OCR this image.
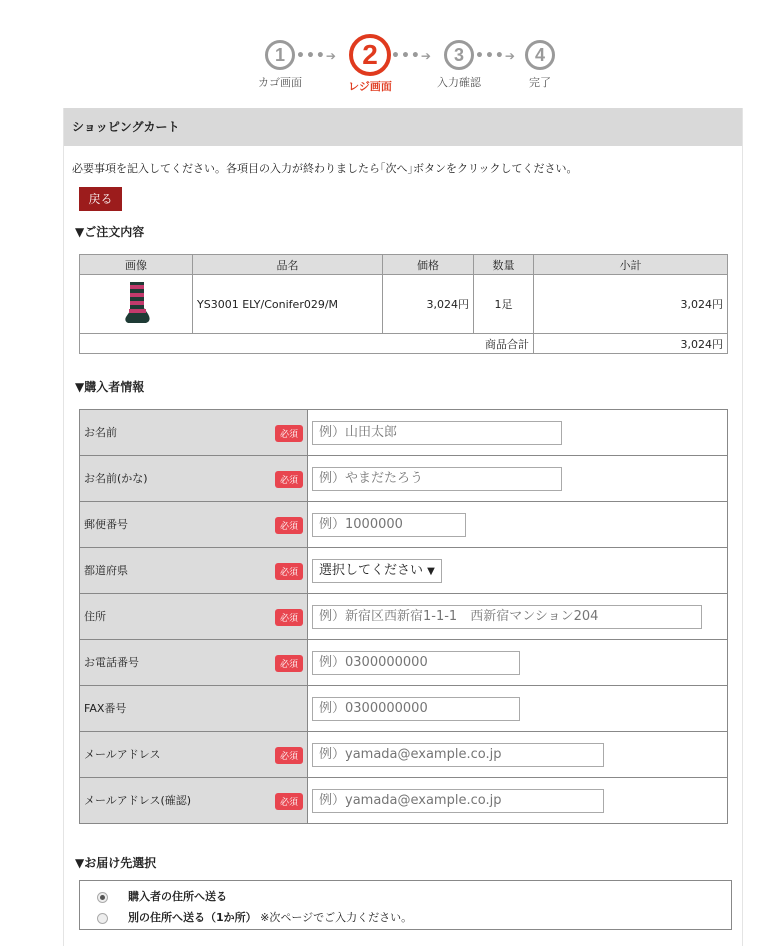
1
カゴ画面
•••➔ 2
レジ画面
•••➔	3
入力確認
•••➔	4
完了
ショッピングカート
必要事項を記入してください。各項目の入力が終わりましたら｢次へ｣ボタンをクリックしてください。
戻る
▼ご注文内容
画像	品名	価格	数量	小計
	YS3001 ELY/Conifer029/M	3,024円	1足	3,024円
商品合計				3,024円
▼購入者情報
お名前 必須
	例）山田太郎

お名前(かな) 必須
	例）やまだたろう

郵便番号 必須
	例）1000000

都道府県 必須	選択してください ▼

住所 必須
	例）新宿区西新宿1-1-1　西新宿マンション204

お電話番号 必須
	例）0300000000

FAX番号
	例）0300000000

メールアドレス 必須
	例）yamada@example.co.jp

メールアドレス(確認) 必須
	例）yamada@example.co.jp
▼お届け先選択
購入者の住所へ送る
別の住所へ送る（1か所） ※次ページでご入力ください。
